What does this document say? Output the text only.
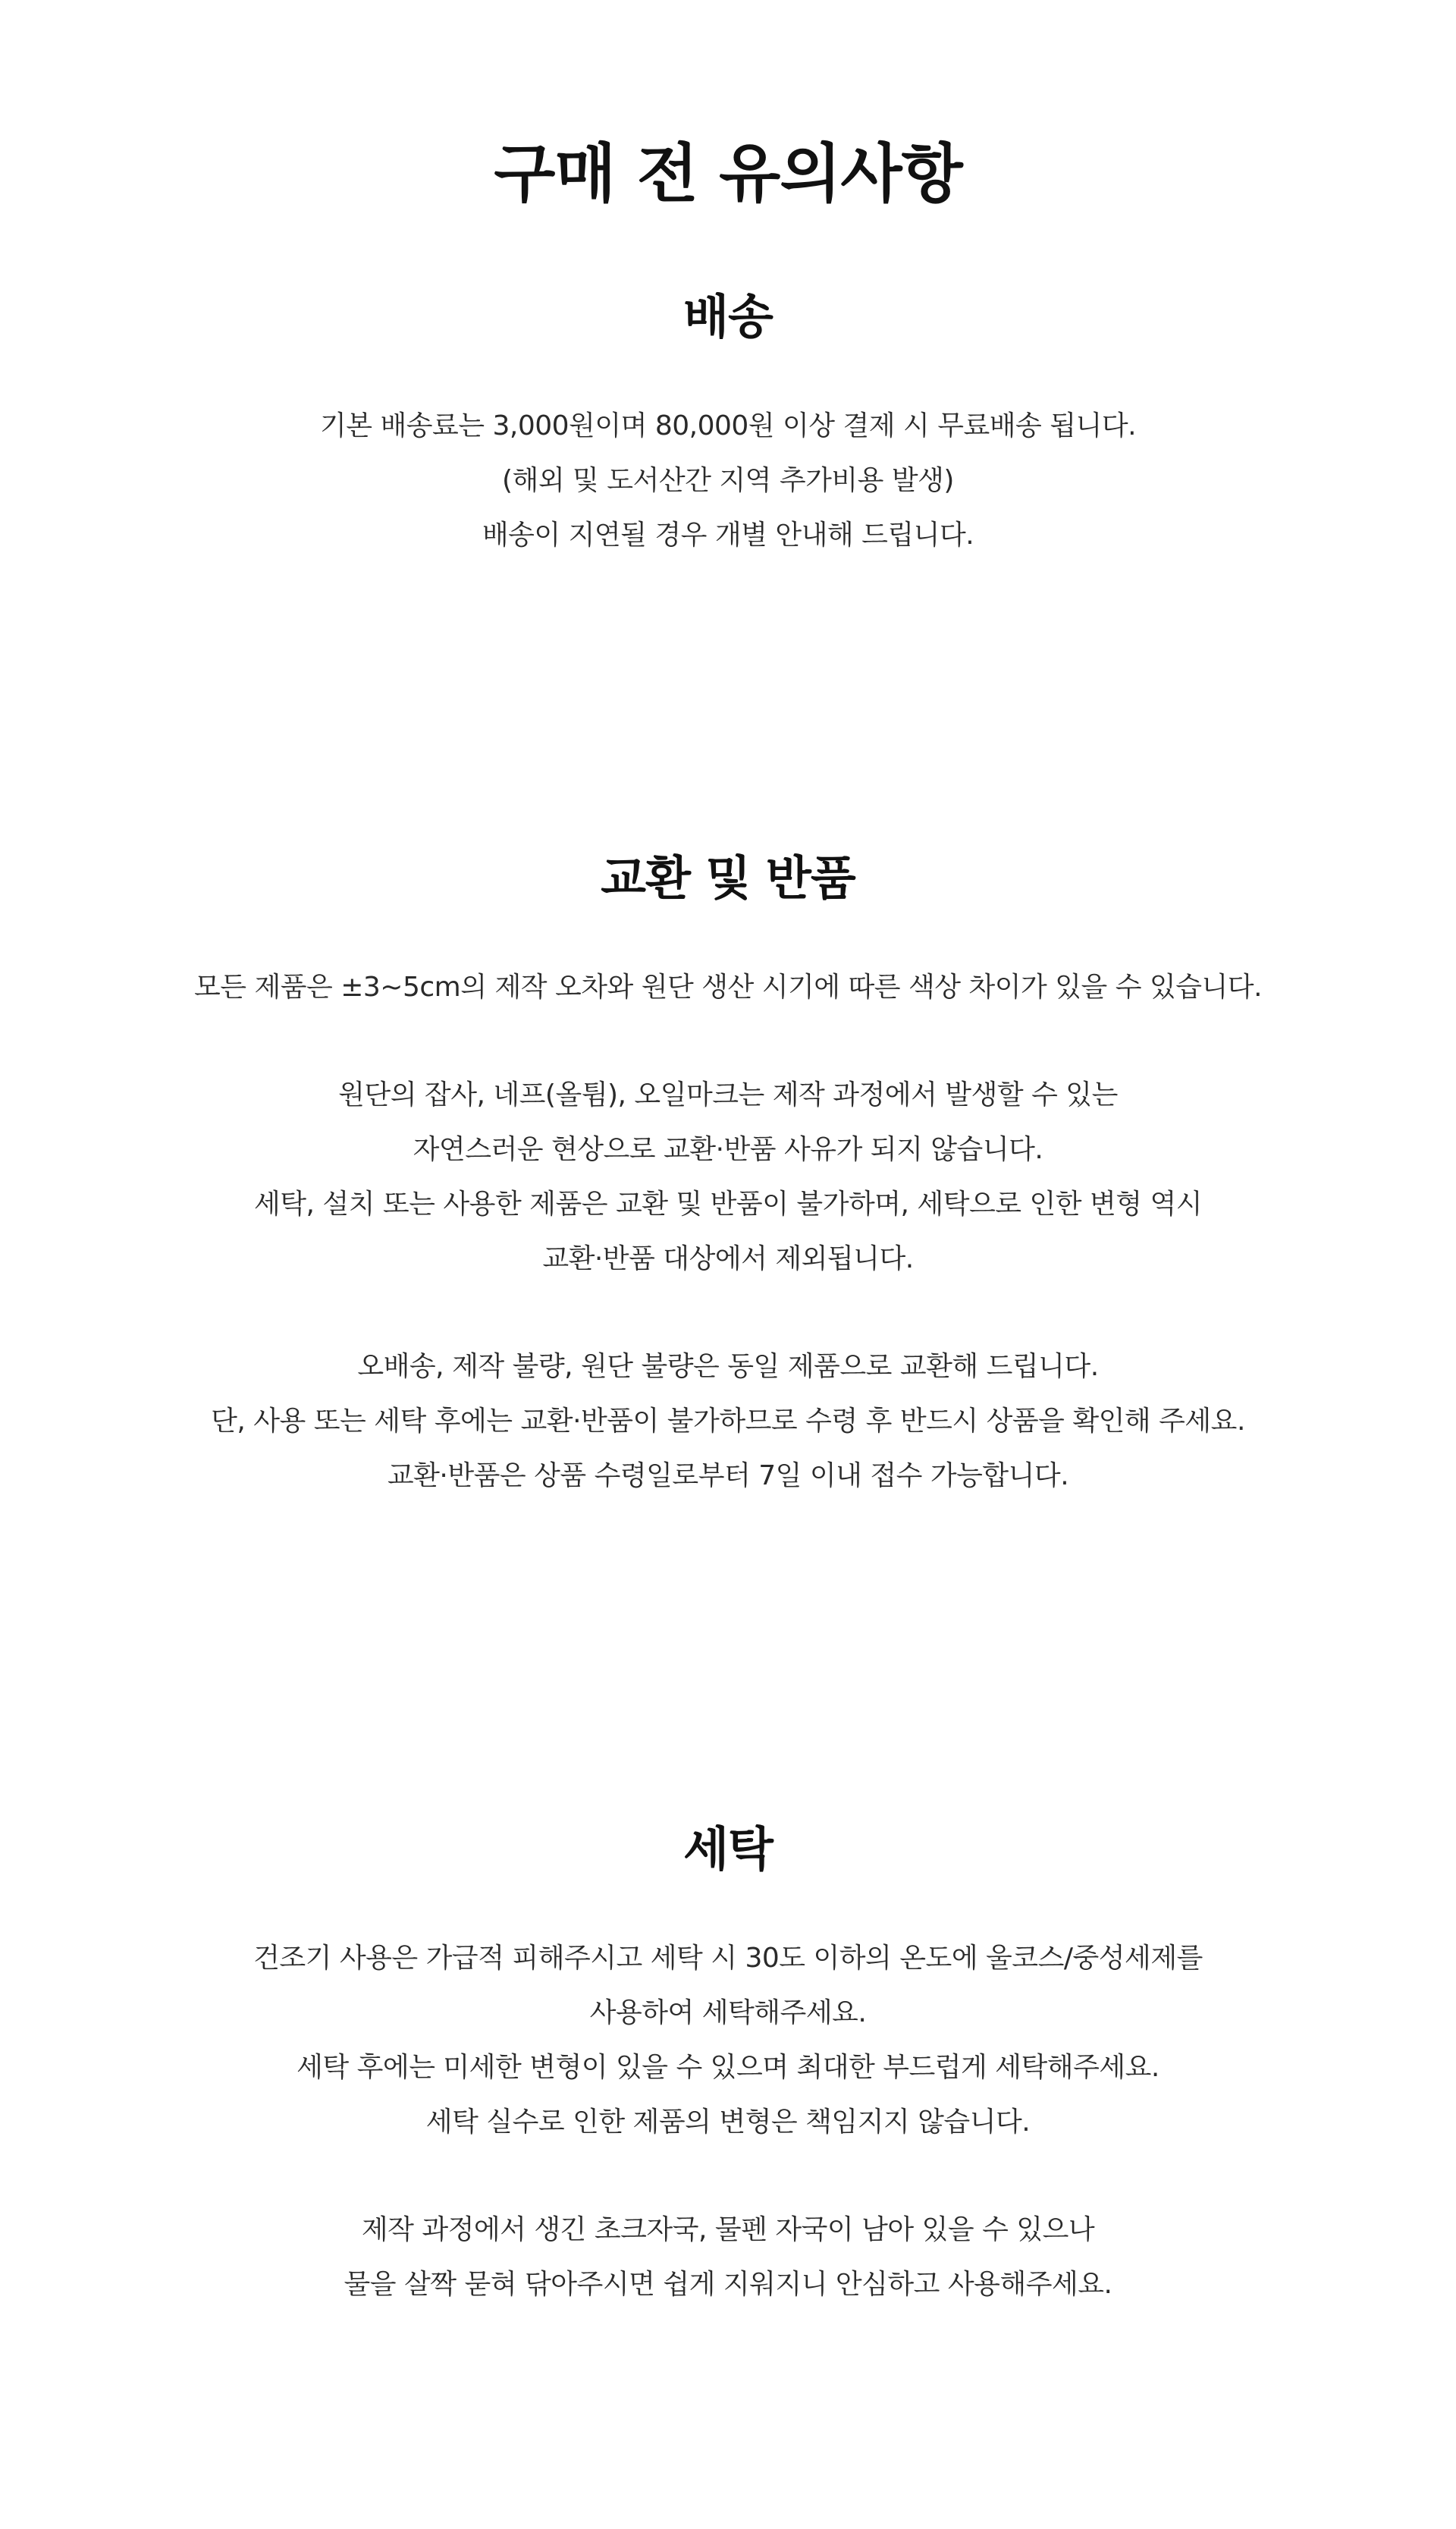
구매 전 유의사항
배송

기본 배송료는 3,000원이며 80,000원 이상 결제 시 무료배송 됩니다.
(해외 및 도서산간 지역 추가비용 발생)
배송이 지연될 경우 개별 안내해 드립니다.

교환 및 반품

모든 제품은 ±3~5cm의 제작 오차와 원단 생산 시기에 따른 색상 차이가 있을 수 있습니다.

원단의 잡사, 네프(올튐), 오일마크는 제작 과정에서 발생할 수 있는
자연스러운 현상으로 교환·반품 사유가 되지 않습니다.
세탁, 설치 또는 사용한 제품은 교환 및 반품이 불가하며, 세탁으로 인한 변형 역시
교환·반품 대상에서 제외됩니다.

오배송, 제작 불량, 원단 불량은 동일 제품으로 교환해 드립니다.
단, 사용 또는 세탁 후에는 교환·반품이 불가하므로 수령 후 반드시 상품을 확인해 주세요.
교환·반품은 상품 수령일로부터 7일 이내 접수 가능합니다.

세탁

건조기 사용은 가급적 피해주시고 세탁 시 30도 이하의 온도에 울코스/중성세제를
사용하여 세탁해주세요.
세탁 후에는 미세한 변형이 있을 수 있으며 최대한 부드럽게 세탁해주세요.
세탁 실수로 인한 제품의 변형은 책임지지 않습니다.

제작 과정에서 생긴 초크자국, 물펜 자국이 남아 있을 수 있으나
물을 살짝 묻혀 닦아주시면 쉽게 지워지니 안심하고 사용해주세요.
